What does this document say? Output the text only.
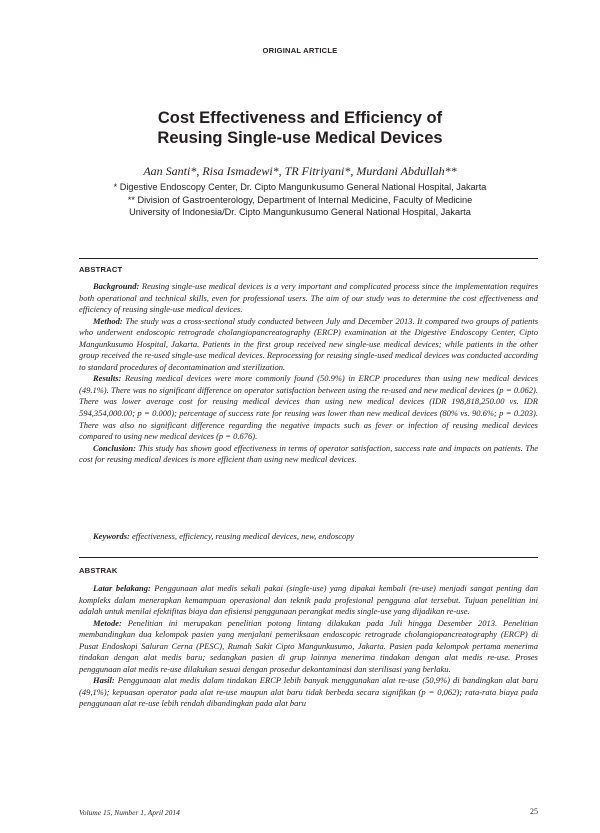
ORIGINAL ARTICLE
Cost Effectiveness and Efficiency of
Reusing Single-use Medical Devices
Aan Santi*, Risa Ismadewi*, TR Fitriyani*, Murdani Abdullah**
* Digestive Endoscopy Center, Dr. Cipto Mangunkusumo General National Hospital, Jakarta
** Division of Gastroenterology, Department of Internal Medicine, Faculty of Medicine
University of Indonesia/Dr. Cipto Mangunkusumo General National Hospital, Jakarta
ABSTRACT

Background: Reusing single-use medical devices is a very important and complicated process since the implementation requires both operational and technical skills, even for professional users. The aim of our study was to determine the cost effectiveness and efficiency of reusing single-use medical devices.

Method: The study was a cross-sectional study conducted between July and December 2013. It compared two groups of patients who underwent endoscopic retrograde cholangiopancreatography (ERCP) examination at the Digestive Endoscopy Center, Cipto Mangunkusumo Hospital, Jakarta. Patients in the first group received new single-use medical devices; while patients in the other group received the re-used single-use medical devices. Reprocessing for reusing single-used medical devices was conducted according to standard procedures of decontamination and sterilization.

Results: Reusing medical devices were more commonly found (50.9%) in ERCP procedures than using new medical devices (49.1%). There was no significant difference on operator satisfaction between using the re-used and new medical devices (p = 0.062). There was lower average cost for reusing medical devices than using new medical devices (IDR 198,818,250.00 vs. IDR 594,354,000.00; p = 0.000); percentage of success rate for reusing was lower than new medical devices (80% vs. 90.6%; p = 0.203). There was also no significant difference regarding the negative impacts such as fever or infection of reusing medical devices compared to using new medical devices (p = 0.676).

Conclusion: This study has shown good effectiveness in terms of operator satisfaction, success rate and impacts on patients. The cost for reusing medical devices is more efficient than using new medical devices.

Keywords: effectiveness, efficiency, reusing medical devices, new, endoscopy
ABSTRAK

Latar belakang: Penggunaan alat medis sekali pakai (single-use) yang dipakai kembali (re-use) menjadi sangat penting dan kompleks dalam menerapkan kemampuan operasional dan teknik pada profesional pengguna alat tersebut. Tujuan penelitian ini adalah untuk menilai efektifitas biaya dan efisiensi penggunaan perangkat medis single-use yang dijadikan re-use.

Metode: Penelitian ini merupakan penelitian potong lintang dilakukan pada Juli hingga Desember 2013. Penelitian membandingkan dua kelompok pasien yang menjalani pemeriksaan endoscopic retrograde cholangiopancreatography (ERCP) di Pusat Endoskopi Saluran Cerna (PESC), Rumah Sakit Cipto Mangunkusumo, Jakarta. Pasien pada kelompok pertama menerima tindakan dengan alat medis baru; sedangkan pasien di grup lainnya menerima tindakan dengan alat medis re-use. Proses penggunaan alat medis re-use dilakukan sesuai dengan prosedur dekontaminasi dan sterilisasi yang berlaku.

Hasil: Penggunaan alat medis dalam tindakan ERCP lebih banyak menggunakan alat re-use (50,9%) di bandingkan alat baru (49,1%); kepuasan operator pada alat re-use maupun alat baru tidak berbeda secara signifikan (p = 0,062); rata-rata biaya pada penggunaan alat re-use lebih rendah dibandingkan pada alat baru

Volume 15, Number 1, April 2014	25
